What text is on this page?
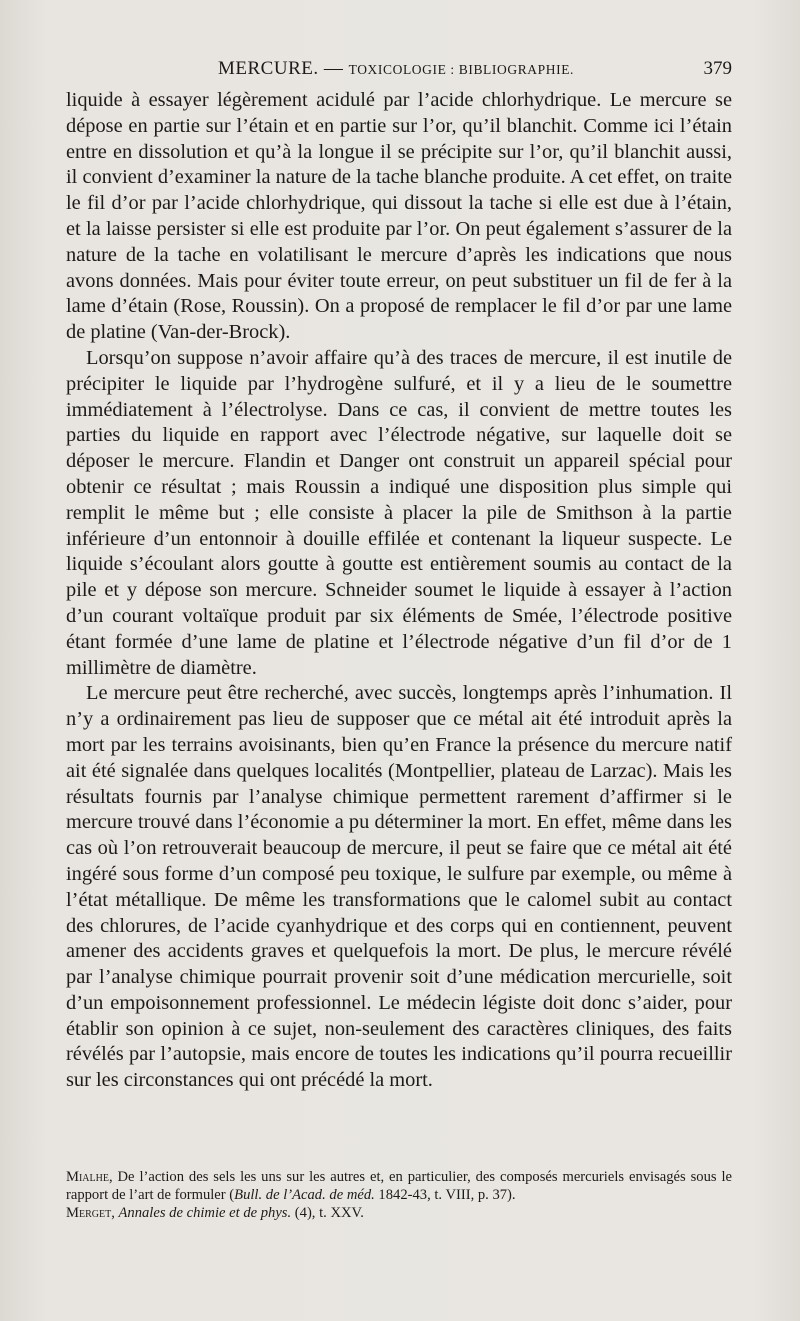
MERCURE. — TOXICOLOGIE : BIBLIOGRAPHIE.	379

liquide à essayer légèrement acidulé par l’acide chlorhydrique. Le mercure se dépose en partie sur l’étain et en partie sur l’or, qu’il blanchit. Comme ici l’étain entre en dissolution et qu’à la longue il se précipite sur l’or, qu’il blanchit aussi, il convient d’examiner la nature de la tache blanche produite. A cet effet, on traite le fil d’or par l’acide chlorhydrique, qui dissout la tache si elle est due à l’étain, et la laisse persister si elle est produite par l’or. On peut également s’assurer de la nature de la tache en volatilisant le mercure d’après les indications que nous avons données. Mais pour éviter toute erreur, on peut substituer un fil de fer à la lame d’étain (Rose, Roussin). On a proposé de remplacer le fil d’or par une lame de platine (Van-der-Brock).

Lorsqu’on suppose n’avoir affaire qu’à des traces de mercure, il est inutile de précipiter le liquide par l’hydrogène sulfuré, et il y a lieu de le soumettre immédiatement à l’électrolyse. Dans ce cas, il convient de mettre toutes les parties du liquide en rapport avec l’électrode négative, sur laquelle doit se déposer le mercure. Flandin et Danger ont construit un appareil spécial pour obtenir ce résultat ; mais Roussin a indiqué une disposition plus simple qui remplit le même but ; elle consiste à placer la pile de Smithson à la partie inférieure d’un entonnoir à douille effilée et contenant la liqueur suspecte. Le liquide s’écoulant alors goutte à goutte est entièrement soumis au contact de la pile et y dépose son mercure. Schneider soumet le liquide à essayer à l’action d’un courant voltaïque produit par six éléments de Smée, l’électrode positive étant formée d’une lame de platine et l’électrode négative d’un fil d’or de 1 millimètre de diamètre.

Le mercure peut être recherché, avec succès, longtemps après l’inhumation. Il n’y a ordinairement pas lieu de supposer que ce métal ait été introduit après la mort par les terrains avoisinants, bien qu’en France la présence du mercure natif ait été signalée dans quelques localités (Montpellier, plateau de Larzac). Mais les résultats fournis par l’analyse chimique permettent rarement d’affirmer si le mercure trouvé dans l’économie a pu déterminer la mort. En effet, même dans les cas où l’on retrouverait beaucoup de mercure, il peut se faire que ce métal ait été ingéré sous forme d’un composé peu toxique, le sulfure par exemple, ou même à l’état métallique. De même les transformations que le calomel subit au contact des chlorures, de l’acide cyanhydrique et des corps qui en contiennent, peuvent amener des accidents graves et quelquefois la mort. De plus, le mercure révélé par l’analyse chimique pourrait provenir soit d’une médication mercurielle, soit d’un empoisonnement professionnel. Le médecin légiste doit donc s’aider, pour établir son opinion à ce sujet, non-seulement des caractères cliniques, des faits révélés par l’autopsie, mais encore de toutes les indications qu’il pourra recueillir sur les circonstances qui ont précédé la mort.

Mialhe, De l’action des sels les uns sur les autres et, en particulier, des composés mercuriels envisagés sous le rapport de l’art de formuler (Bull. de l’Acad. de méd. 1842-43, t. VIII, p. 37).

Merget, Annales de chimie et de phys. (4), t. XXV.
